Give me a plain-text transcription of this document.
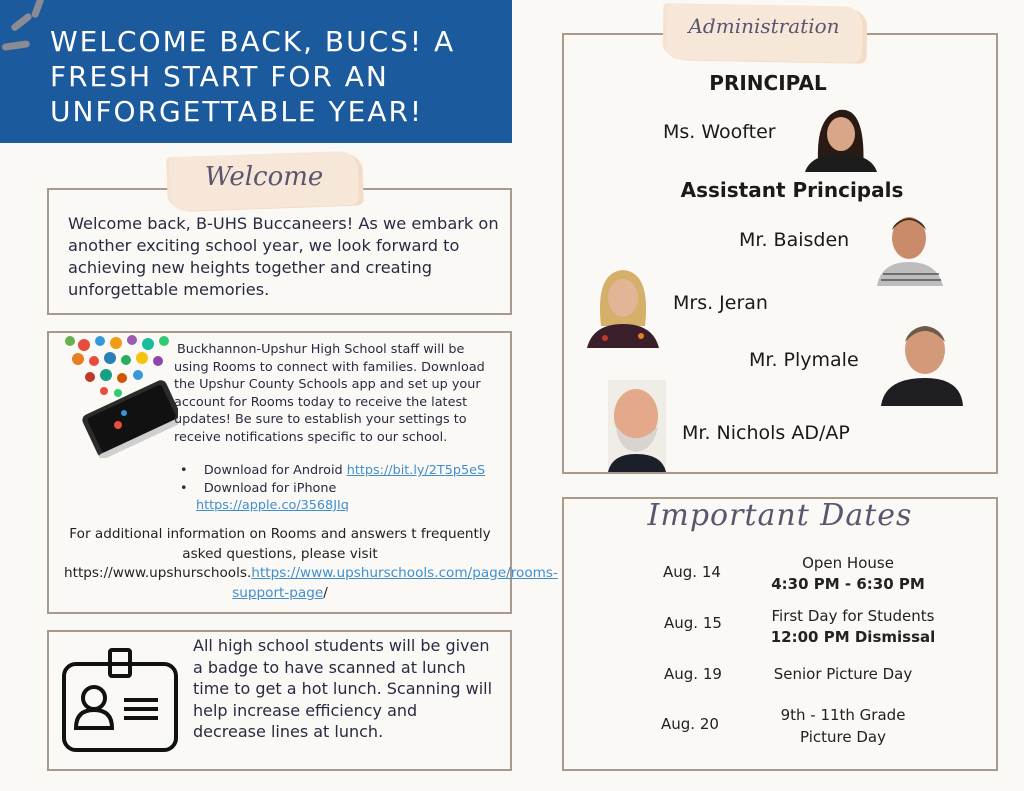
WELCOME BACK, BUCS! A FRESH START FOR AN UNFORGETTABLE YEAR!
Welcome
Welcome back, B-UHS Buccaneers! As we embark on another exciting school year, we look forward to achieving new heights together and creating unforgettable memories.
Buckhannon-Upshur High School staff will be using Rooms to connect with families. Download the Upshur County Schools app and set up your account for Rooms today to receive the latest updates! Be sure to establish your settings to receive notifications specific to our school.
•    Download for Android https://bit.ly/2T5p5eS
•    Download for iPhone
https://apple.co/3568JIq
For additional information on Rooms and answers t frequently asked questions, please visit https://www.upshurschools.https://www.upshurschools.com/page/rooms-support-page/
All high school students will be given a badge to have scanned at lunch time to get a hot lunch. Scanning will help increase efficiency and decrease lines at lunch.
Administration
PRINCIPAL
Ms. Woofter
Assistant Principals
Mr. Baisden
Mrs. Jeran
Mr. Plymale
Mr. Nichols AD/AP
Important Dates
Aug. 14	Open House
4:30 PM - 6:30 PM
Aug. 15	First Day for Students
12:00 PM Dismissal
Aug. 19	Senior Picture Day
Aug. 20	9th - 11th Grade
Picture Day
